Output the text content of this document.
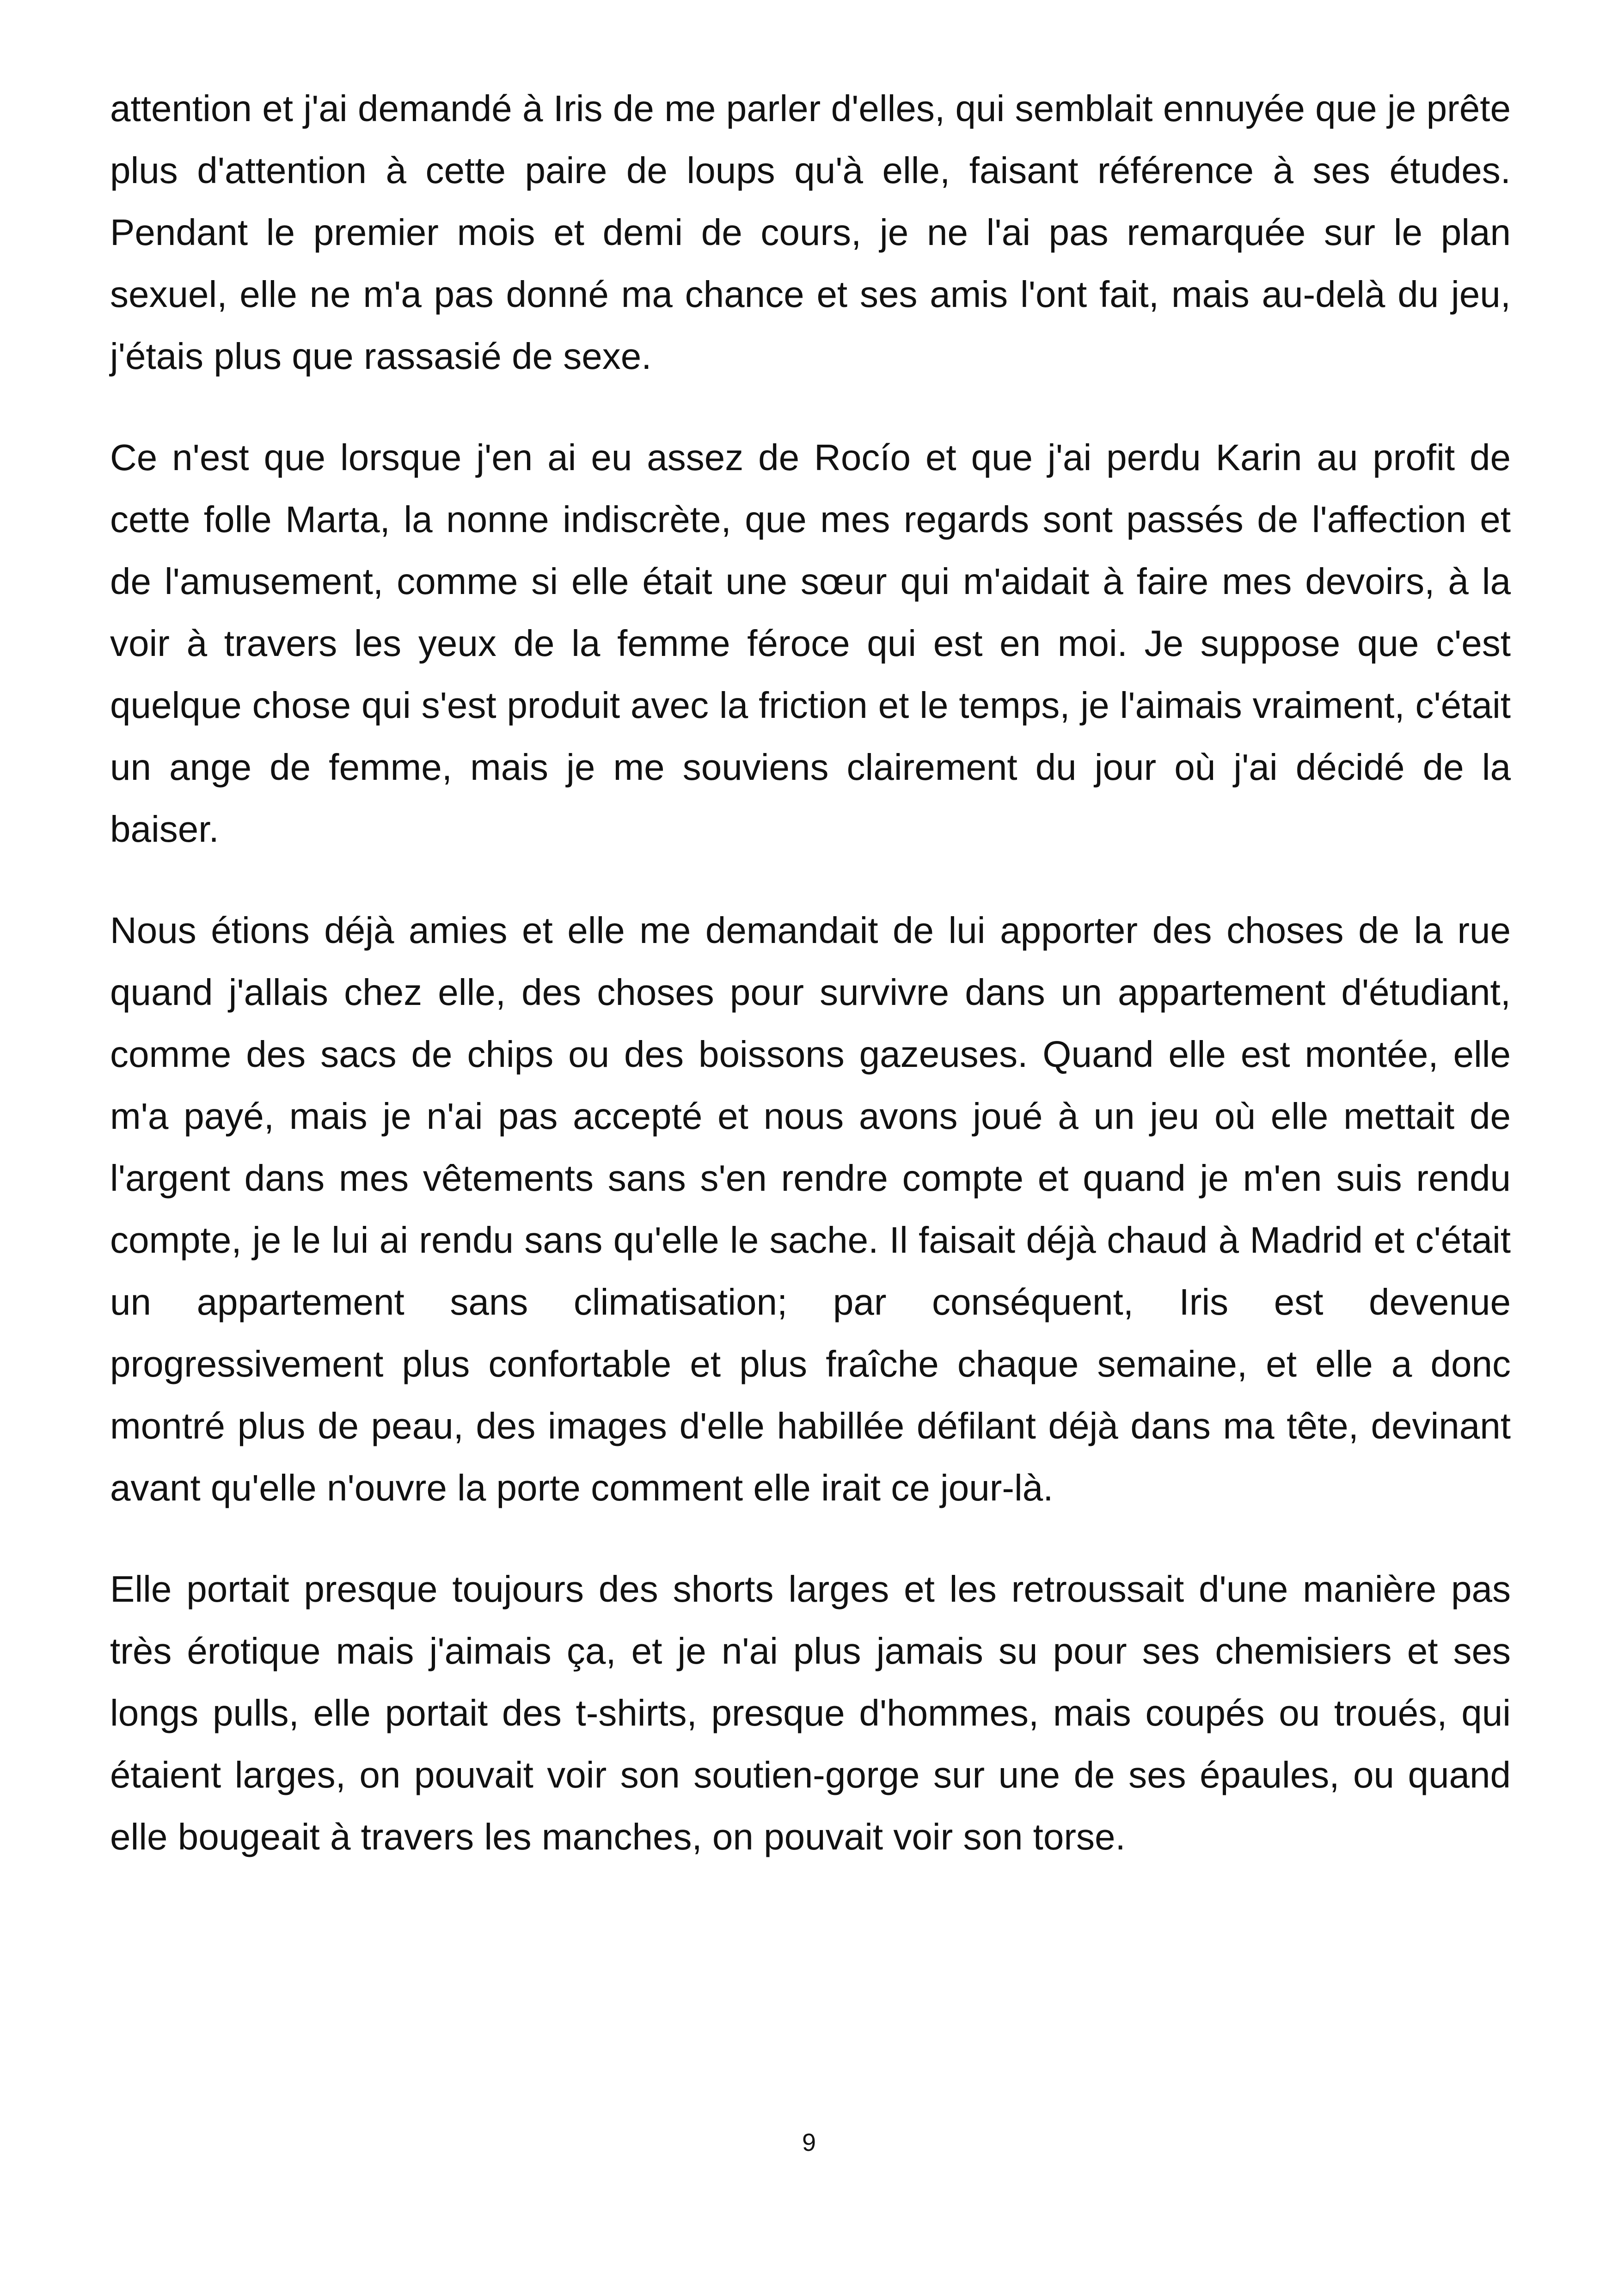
attention et j'ai demandé à Iris de me parler d'elles, qui semblait ennuyée que je prête plus d'attention à cette paire de loups qu'à elle, faisant référence à ses études. Pendant le premier mois et demi de cours, je ne l'ai pas remarquée sur le plan sexuel, elle ne m'a pas donné ma chance et ses amis l'ont fait, mais au-delà du jeu, j'étais plus que rassasié de sexe.

Ce n'est que lorsque j'en ai eu assez de Rocío et que j'ai perdu Karin au profit de cette folle Marta, la nonne indiscrète, que mes regards sont passés de l'affection et de l'amusement, comme si elle était une sœur qui m'aidait à faire mes devoirs, à la voir à travers les yeux de la femme féroce qui est en moi. Je suppose que c'est quelque chose qui s'est produit avec la friction et le temps, je l'aimais vraiment, c'était un ange de femme, mais je me souviens clairement du jour où j'ai décidé de la baiser.

Nous étions déjà amies et elle me demandait de lui apporter des choses de la rue quand j'allais chez elle, des choses pour survivre dans un appartement d'étudiant, comme des sacs de chips ou des boissons gazeuses. Quand elle est montée, elle m'a payé, mais je n'ai pas accepté et nous avons joué à un jeu où elle mettait de l'argent dans mes vêtements sans s'en rendre compte et quand je m'en suis rendu compte, je le lui ai rendu sans qu'elle le sache. Il faisait déjà chaud à Madrid et c'était un appartement sans climatisation; par conséquent, Iris est devenue progressivement plus confortable et plus fraîche chaque semaine, et elle a donc montré plus de peau, des images d'elle habillée défilant déjà dans ma tête, devinant avant qu'elle n'ouvre la porte comment elle irait ce jour-là.

Elle portait presque toujours des shorts larges et les retroussait d'une manière pas très érotique mais j'aimais ça, et je n'ai plus jamais su pour ses chemisiers et ses longs pulls, elle portait des t-shirts, presque d'hommes, mais coupés ou troués, qui étaient larges, on pouvait voir son soutien-gorge sur une de ses épaules, ou quand elle bougeait à travers les manches, on pouvait voir son torse.

9
